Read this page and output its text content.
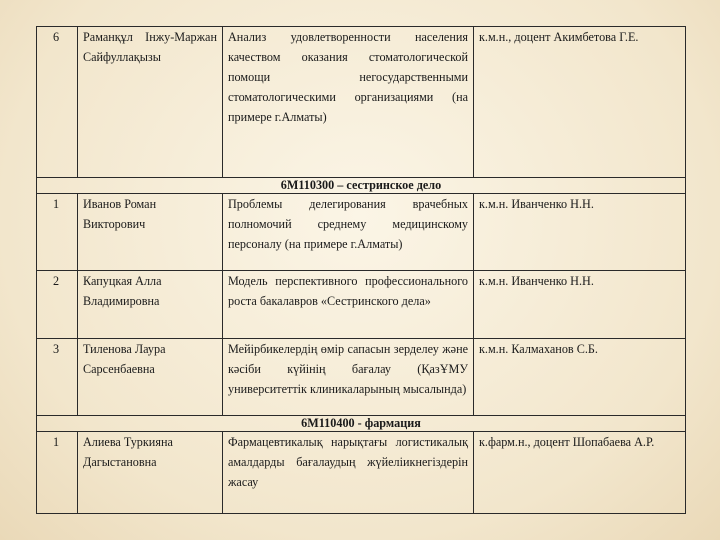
6	Раманқұл Інжу-Маржан Сайфуллақызы	Анализ удовлетворенности населения качеством оказания стоматологической помощи негосударственными стоматологическими организациями (на примере г.Алматы)	к.м.н., доцент Акимбетова Г.Е.
6М110300 – сестринское дело			
1	Иванов Роман Викторович	Проблемы делегирования врачебных полномочий среднему медицинскому персоналу (на примере г.Алматы)	к.м.н. Иванченко Н.Н.
2	Капуцкая Алла Владимировна	Модель перспективного профессионального роста бакалавров «Сестринского дела»	к.м.н. Иванченко Н.Н.
3	Тиленова Лаура Сарсенбаевна	Мейірбикелердің өмір сапасын зерделеу және кәсіби күйінің бағалау (ҚазҰМУ университеттік клиникаларының мысалында)	к.м.н. Калмаханов С.Б.
6М110400 - фармация			
1	Алиева Туркияна Дагыстановна	Фармацевтикалық нарықтағы логистикалық амалдарды бағалаудың жүйеліикнегіздерін жасау	к.фарм.н., доцент Шопабаева А.Р.
